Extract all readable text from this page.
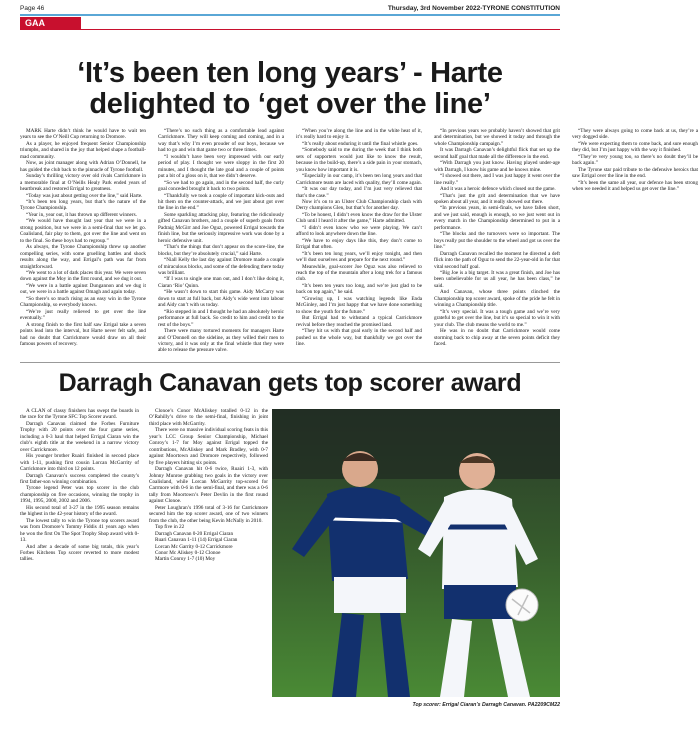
Page 46	Thursday, 3rd November 2022-TYRONE CONSTITUTION
GAA
‘It’s been ten long years’ - Harte delighted to ‘get over the line’

MARK Harte didn’t think he would have to wait ten years to see the O’Neill Cup returning to Dromore.

As a player, he enjoyed frequent Senior Championship triumphs, and shared in the joy that helped shape a football-mad community.

Now, as joint manager along with Adrian O’Donnell, he has guided the club back to the pinnacle of Tyrone football.

Sunday’s thrilling victory over old rivals Carrickmore in a memorable final at O’Neills Healy Park ended years of heartbreak and restored Errigal to greatness.

“Today was just about getting over the line,” said Harte.

“It’s been ten long years, but that’s the nature of the Tyrone Championship.

“Year in, year out, it has thrown up different winners.

“We would have thought last year that we were in a strong position, but we were in a semi-final that we let go. Coalisland, fair play to them, got over the line and went on to the final. So these boys had to regroup.”

As always, the Tyrone Championship threw up another compelling series, with some gruelling battles and shock results along the way, and Errigal’s path was far from straightforward.

“We went to a lot of dark places this year. We were seven down against the Moy in the first round, and we dug it out.

“We were in a battle against Dungannon and we dug it out, we were in a battle against Omagh and again today.

“So there’s so much rising as an easy win in the Tyrone Championship, so everybody knows.

“We’re just really relieved to get over the line eventually.”

A strong finish to the first half saw Errigal take a seven points lead into the interval, but Harte never felt safe, and had no doubt that Carrickmore would draw on all their famous powers of recovery.

“There’s no such thing as a comfortable lead against Carrickmore. They will keep coming and coming, and in a way that’s why I’m even prouder of our boys, because we had to go and win that game two or three times.

“I wouldn’t have been very impressed with our early period of play. I thought we were sloppy in the first 20 minutes, and I thought the late goal and a couple of points put a bit of a gloss on it, that we didn’t deserve.

“So we had to go again, and in the second half, the curly goal conceded brought it back to two points.

“Thankfully we took a couple of important kick-outs and hit them on the counter-attack, and we just about got over the line in the end.”

Some sparkling attacking play, featuring the ridiculously gifted Canavan brothers, and a couple of superb goals from Padraig McGirr and Joe Oguz, powered Errigal towards the finish line, but the seriously impressive work was done by a heroic defensive unit.

“That’s the things that don’t appear on the score-line, the blocks, but they’re absolutely crucial,” said Harte.

“Niall Kelly the last day against Dromore made a couple of miraculous blocks, and some of the defending there today was brilliant.

“If I was to single one man out, and I don’t like doing it, Ciaran ‘Rio’ Quinn.

“He wasn’t down to start this game. Aidy McCarry was down to start at full back, but Aidy’s wide went into labour and Aidy can’t with us today.

“Rio stepped in and I thought he had an absolutely heroic performance at full back. So credit to him and credit to the rest of the boys.”

There were many tortured moments for managers Harte and O’Donnell on the sideline, as they willed their men to victory, and it was only at the final whistle that they were able to release the pressure valve.

“When you’re along the line and in the white heat of it, it’s really hard to enjoy it.

“It’s really about enduring it until the final whistle goes.

“Somebody said to me during the week that I think both sets of supporters would just like to know the result, because in the build-up, there’s a side pain in your stomach, you know how important it is.

“Especially in our camp, it’s been ten long years and that Carrickmore team are laced with quality, they’ll come again.

“It was our day today, and I’m just very relieved that that’s the case.”

Now it’s on to an Ulster Club Championship clash with Derry champions Glen, but that’s for another day.

“To be honest, I didn’t even know the draw for the Ulster Club until I heard it after the game,” Harte admitted.

“I didn’t even know who we were playing. We can’t afford to look anywhere down the line.

“We have to enjoy days like this, they don’t come to Errigal that often.

“It’s been ten long years, we’ll enjoy tonight, and then we’ll dust ourselves and prepare for the next round.”

Meanwhile, goal-scorer Joe Oguz was also relieved to reach the top of the mountain after a long trek for a famous club.

“It’s been ten years too long, and we’re just glad to be back on top again,” he said.

“Growing up, I was watching legends like Enda McGinley, and I’m just happy that we have done something to show the youth for the future.”

But Errigal had to withstand a typical Carrickmore revival before they reached the promised land.

“They hit us with that goal early in the second half and pushed us the whole way, but thankfully we got over the line.

“In previous years we probably haven’t showed that grit and determination, but we showed it today and through the whole Championship campaign.”

It was Darragh Canavan’s delightful flick that set up the second half goal that made all the difference in the end.

“With Darragh you just know. Having played under-age with Darragh, I know his game and he knows mine.

“I showed out there, and I was just happy it went over the line really.”

And it was a heroic defence which closed out the game.

“That’s just the grit and determination that we have spoken about all year, and it really showed out there.

“In previous years, in semi-finals, we have fallen short, and we just said, enough is enough, so we just went out in every match in the Championship determined to put in a performance.

“The blocks and the turnovers were so important. The boys really put the shoulder to the wheel and got us over the line.”

Darragh Canavan recalled the moment he directed a deft flick into the path of Oguz to send the 22-year-old in for that vital second half goal.

“Big Joe is a big target. It was a great finish, and Joe has been unbelievable for us all year, he has been class,” he said.

And Canavan, whose three points clinched the Championship top scorer award, spoke of the pride he felt in winning a Championship title.

“It’s very special. It was a tough game and we’re very grateful to get over the line, but it’s so special to win it with your club. The club means the world to me.”

He was in no doubt that Carrickmore would come storming back to chip away at the seven points deficit they faced.

“They were always going to come back at us, they’re a very dogged side.

“We were expecting them to come back, and sure enough they did, but I’m just happy with the way it finished.

“They’re very young too, so there’s no doubt they’ll be back again.”

The Tyrone star paid tribute to the defensive heroics that saw Errigal over the line in the end.

“It’s been the same all year, our defence has been strong when we needed it and helped us get over the line.”

Darragh Canavan gets top scorer award

A CLAN of classy finishers has swept the boards in the race for the Tyrone SFC Top Scorer award.

Darragh Canavan claimed the Forbes Furniture Trophy with 20 points over the four game series, including a 0-3 haul that helped Errigal Ciaran win the club’s eighth title at the weekend in a narrow victory over Carrickmore.

His younger brother Ruairi finished in second place with 1-11, pushing first cousin Lorcan McGarrity of Carrickmore into third on 12 points.

Darragh Canavan’s success completed the county’s first father-son winning combination.

Tyrone legend Peter was top scorer in the club championship on five occasions, winning the trophy in 1994, 1995, 2000, 2002 and 2006.

His second total of 3-27 in the 1995 season remains the highest in the 42-year history of the award.

The lowest tally to win the Tyrone top scorers award was from Dromore’s Tommy Fiddis 41 years ago when he won the first On The Spot Trophy Shop award with 0-13.

And after a decade of some big totals, this year’s Forbes Kitchens Top scorer reverted to more modest tallies.

Clonoe’s Conor McAliskey totalled 0-12 in the O’Rahilly’s drive to the semi-final, finishing in joint third place with McGarrity.

There were no massive individual scoring feats in this year’s LCC Group Senior Championship, Michael Conroy’s 1-7 for Moy against Errigal topped the contributions, McAliskey and Mark Bradley, with 0-7 against Moortown and Dromore respectively, followed by five players hitting six points.

Darragh Canavan hit 0-6 twice, Ruairi 1-3, with Johnny Munroe grabbing two goals in the victory over Coalisland, while Lorcan McGarrity top-scored for Carrmore with 0-6 in the semi-final, and there was a 0-6 tally from Moortown’s Peter Devlin in the first round against Clonoe.

Peter Loughran’s 1996 total of 3-16 for Carrickmore secured him the top scorer award, one of two winners from the club, the other being Kevin McNally in 2010.

Top five in 22

Darragh Canavan 0-20 Errigal Ciaran

Ruari Canavan 1-11 (14) Errigal Ciaran

Lorcan Mc Garrity 0-12 Carrickmore

Conor Mc Aliskey 0-12 Clonoe

Martin Conroy 1-7 (10) Moy

Top scorer: Errigal Ciaran’s Darragh Canavan. PA2209CM22
